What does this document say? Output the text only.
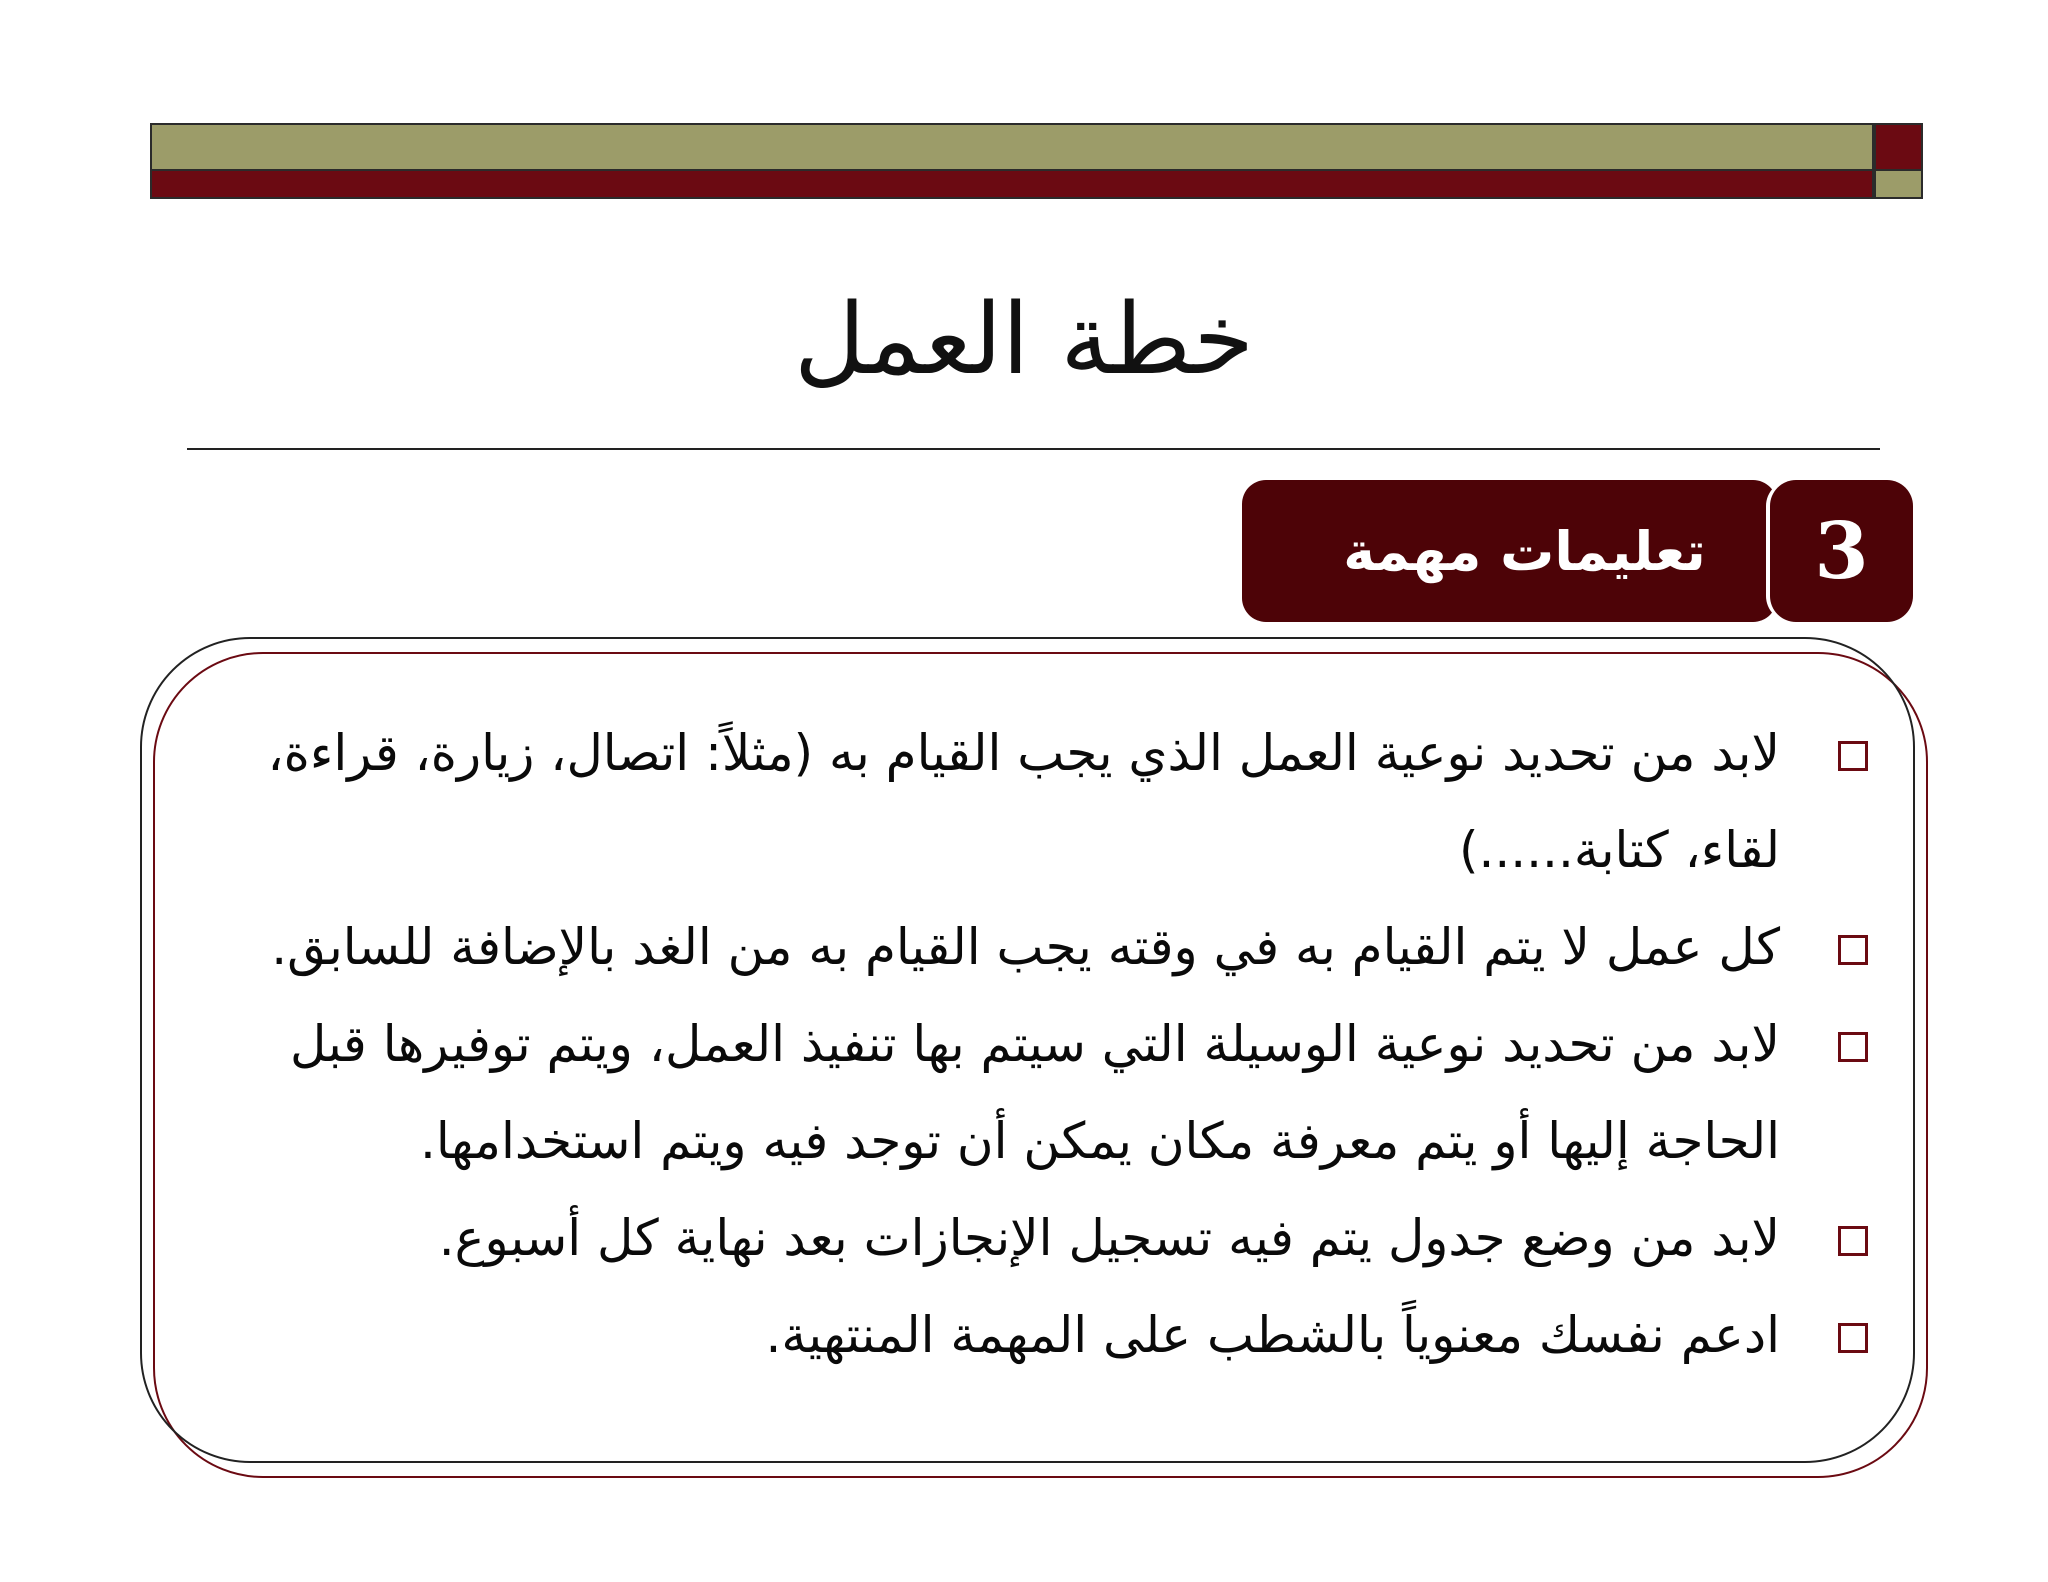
خطة العمل
تعليمات مهمة	3
لابد من تحديد نوعية العمل الذي يجب القيام به (مثلاً: اتصال، زيارة، قراءة، لقاء، كتابة......)
كل عمل لا يتم القيام به في وقته يجب القيام به من الغد بالإضافة للسابق.
لابد من تحديد نوعية الوسيلة التي سيتم بها تنفيذ العمل، ويتم توفيرها قبل الحاجة إليها أو يتم معرفة مكان يمكن أن توجد فيه ويتم استخدامها.
لابد من وضع جدول يتم فيه تسجيل الإنجازات بعد نهاية كل أسبوع.
ادعم نفسك معنوياً بالشطب على المهمة المنتهية.
